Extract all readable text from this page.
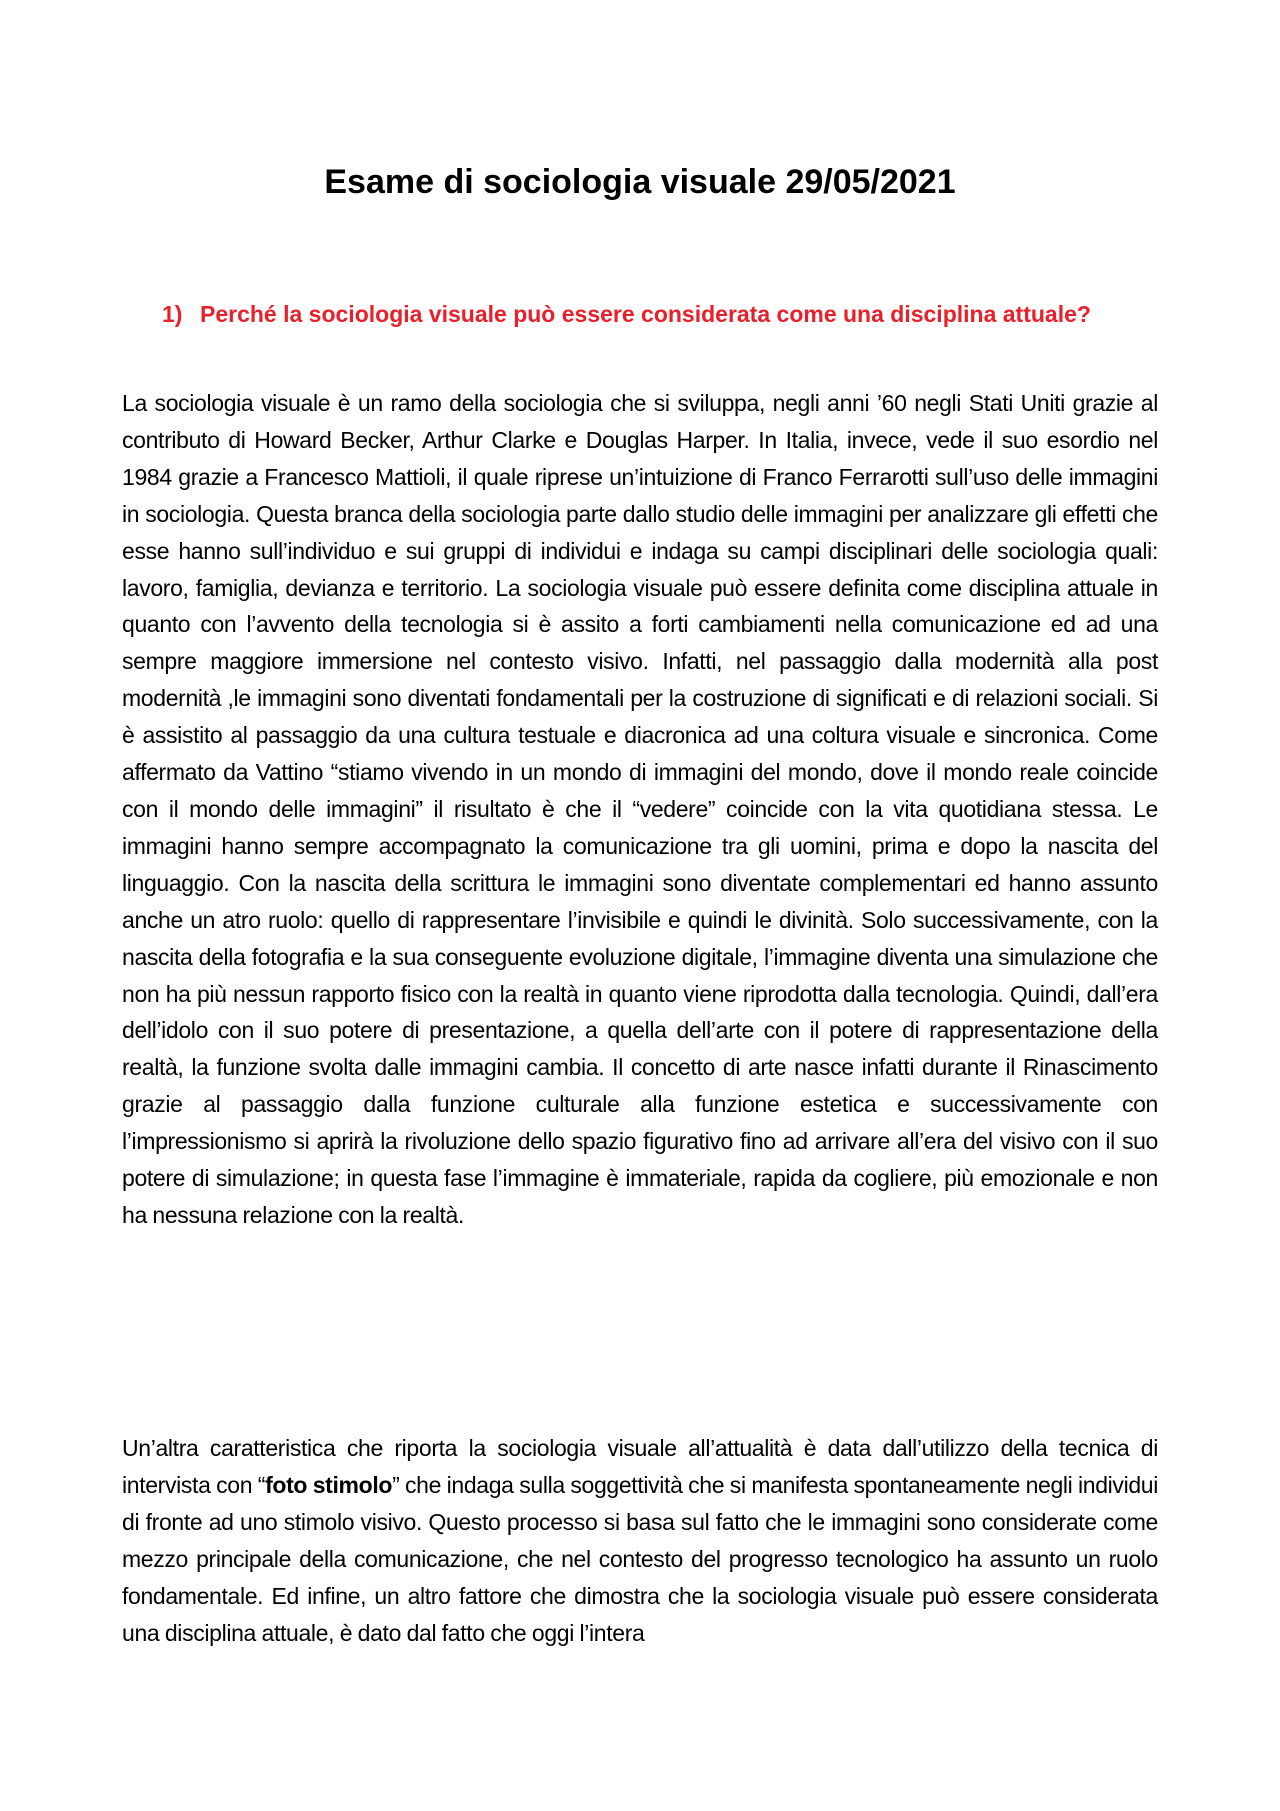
Esame di sociologia visuale 29/05/2021
1) Perché la sociologia visuale può essere considerata come una disciplina attuale?

La sociologia visuale è un ramo della sociologia che si sviluppa, negli anni ’60 negli Stati Uniti grazie al contributo di Howard Becker, Arthur Clarke e Douglas Harper. In Italia, invece, vede il suo esordio nel 1984 grazie a Francesco Mattioli, il quale riprese un’intuizione di Franco Ferrarotti sull’uso delle immagini in sociologia. Questa branca della sociologia parte dallo studio delle immagini per analizzare gli effetti che esse hanno sull’individuo e sui gruppi di individui e indaga su campi disciplinari delle sociologia quali: lavoro, famiglia, devianza e territorio. La sociologia visuale può essere definita come disciplina attuale in quanto con l’avvento della tecnologia si è assito a forti cambiamenti nella comunicazione ed ad una sempre maggiore immersione nel contesto visivo. Infatti, nel passaggio dalla modernità alla post modernità ,le immagini sono diventati fondamentali per la costruzione di significati e di relazioni sociali. Si è assistito al passaggio da una cultura testuale e diacronica ad una coltura visuale e sincronica. Come affermato da Vattino “stiamo vivendo in un mondo di immagini del mondo, dove il mondo reale coincide con il mondo delle immagini” il risultato è che il “vedere” coincide con la vita quotidiana stessa. Le immagini hanno sempre accompagnato la comunicazione tra gli uomini, prima e dopo la nascita del linguaggio. Con la nascita della scrittura le immagini sono diventate complementari ed hanno assunto anche un atro ruolo: quello di rappresentare l’invisibile e quindi le divinità. Solo successivamente, con la nascita della fotografia e la sua conseguente evoluzione digitale, l’immagine diventa una simulazione che non ha più nessun rapporto fisico con la realtà in quanto viene riprodotta dalla tecnologia. Quindi, dall’era dell’idolo con il suo potere di presentazione, a quella dell’arte con il potere di rappresentazione della realtà, la funzione svolta dalle immagini cambia. Il concetto di arte nasce infatti durante il Rinascimento grazie al passaggio dalla funzione culturale alla funzione estetica e successivamente con l’impressionismo si aprirà la rivoluzione dello spazio figurativo fino ad arrivare all’era del visivo con il suo potere di simulazione; in questa fase l’immagine è immateriale, rapida da cogliere, più emozionale e non ha nessuna relazione con la realtà.

Un’altra caratteristica che riporta la sociologia visuale all’attualità è data dall’utilizzo della tecnica di intervista con “foto stimolo” che indaga sulla soggettività che si manifesta spontaneamente negli individui di fronte ad uno stimolo visivo. Questo processo si basa sul fatto che le immagini sono considerate come mezzo principale della comunicazione, che nel contesto del progresso tecnologico ha assunto un ruolo fondamentale. Ed infine, un altro fattore che dimostra che la sociologia visuale può essere considerata una disciplina attuale, è dato dal fatto che oggi l’intera
